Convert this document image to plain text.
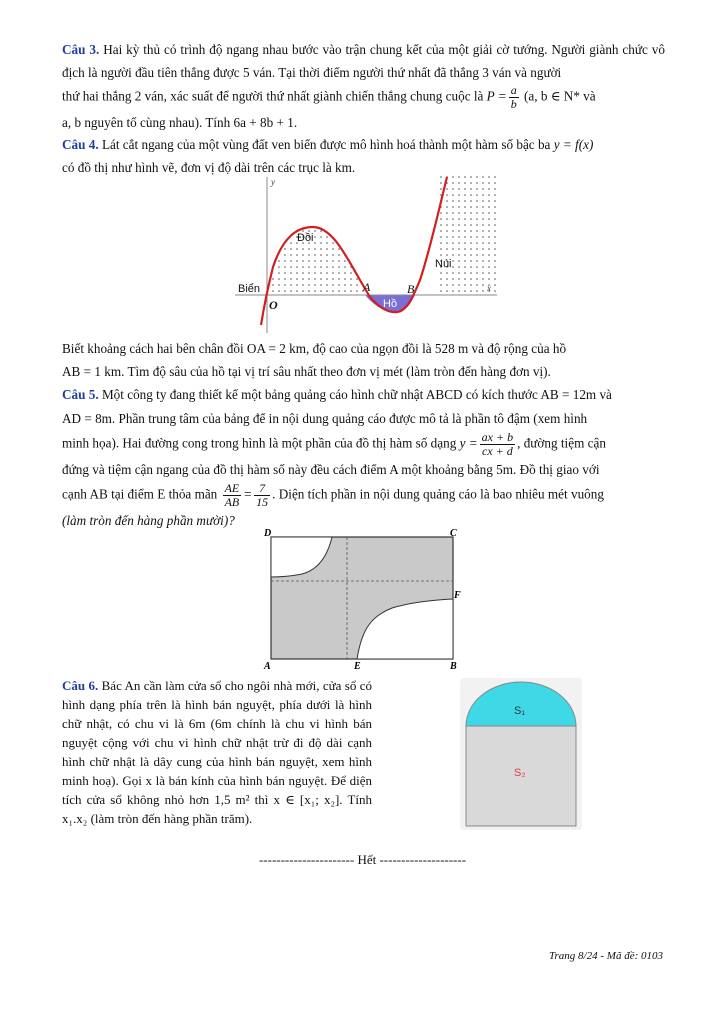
Câu 3. Hai kỳ thủ có trình độ ngang nhau bước vào trận chung kết của một giải cờ tướng. Người giành chức vô địch là người đầu tiên thắng được 5 ván. Tại thời điểm người thứ nhất đã thắng 3 ván và người
thứ hai thắng 2 ván, xác suất để người thứ nhất giành chiến thắng chung cuộc là $P = \frac{a}{b} (a$, b ∈ N* và
a, b nguyên tố cùng nhau). Tính 6a + 8b + 1.
Câu 4. Lát cắt ngang của một vùng đất ven biển được mô hình hoá thành một hàm số bậc ba y = f(x)
có đồ thị như hình vẽ, đơn vị độ dài trên các trục là km.
y
x
O
A	B
Đồi
Núi
Biển
Hồ
Biết khoảng cách hai bên chân đồi OA = 2 km, độ cao của ngọn đồi là 528 m và độ rộng của hồ
AB = 1 km. Tìm độ sâu của hồ tại vị trí sâu nhất theo đơn vị mét (làm tròn đến hàng đơn vị).
Câu 5. Một công ty đang thiết kế một bảng quảng cáo hình chữ nhật ABCD có kích thước AB = 12m và
AD = 8m. Phần trung tâm của bảng để in nội dung quảng cáo được mô tả là phần tô đậm (xem hình
minh họa). Hai đường cong trong hình là một phần của đồ thị hàm số dạng $y = \frac{ax + b}{cx + d}$ , đường tiệm cận
đứng và tiệm cận ngang của đồ thị hàm số này đều cách điểm A một khoảng bằng 5m. Đồ thị giao với
cạnh AB tại điểm E thỏa mãn $\frac{AE}{AB} = \frac{7}{15}$ . Diện tích phần in nội dung quảng cáo là bao nhiêu mét vuông
(làm tròn đến hàng phần mười)?
D	C
F
A	E	B
Câu 6. Bác An cần làm cửa sổ cho ngôi nhà mới, cửa sổ có hình dạng phía trên là hình bán nguyệt, phía dưới là hình chữ nhật, có chu vi là 6m (6m chính là chu vi hình bán nguyệt cộng với chu vi hình chữ nhật trừ đi độ dài cạnh hình chữ nhật là dây cung của hình bán nguyệt, xem hình minh hoạ). Gọi x là bán kính của hình bán nguyệt. Để diện tích cửa sổ không nhỏ hơn 1,5 m² thì x ∈ [x₁; x₂]. Tính x₁.x₂ (làm tròn đến hàng phần trăm).
S₁
S₂
---------------------- Hết --------------------
Trang 8/24 - Mã đề: 0103
